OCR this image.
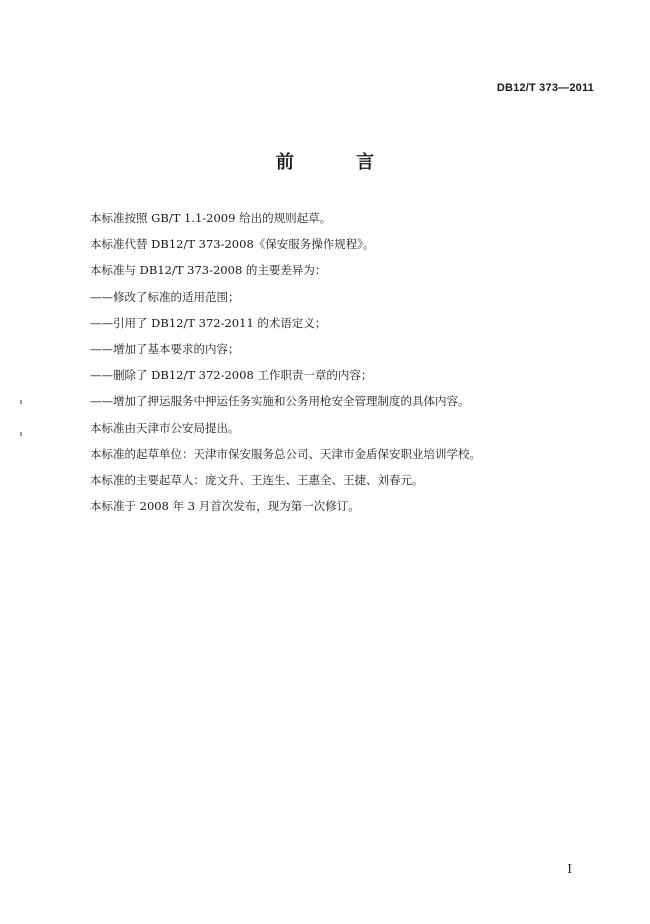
DB12/T 373—2011
前 言
本标准按照 GB/T 1.1-2009 给出的规则起草。
本标准代替 DB12/T 373-2008《保安服务操作规程》。
本标准与 DB12/T 373-2008 的主要差异为：
——修改了标准的适用范围；
——引用了 DB12/T 372-2011 的术语定义；
——增加了基本要求的内容；
——删除了 DB12/T 372-2008 工作职责一章的内容；
——增加了押运服务中押运任务实施和公务用枪安全管理制度的具体内容。
本标准由天津市公安局提出。
本标准的起草单位：天津市保安服务总公司、天津市金盾保安职业培训学校。
本标准的主要起草人：庞文升、王连生、王惠全、王捷、刘春元。
本标准于 2008 年 3 月首次发布，现为第一次修订。
I
